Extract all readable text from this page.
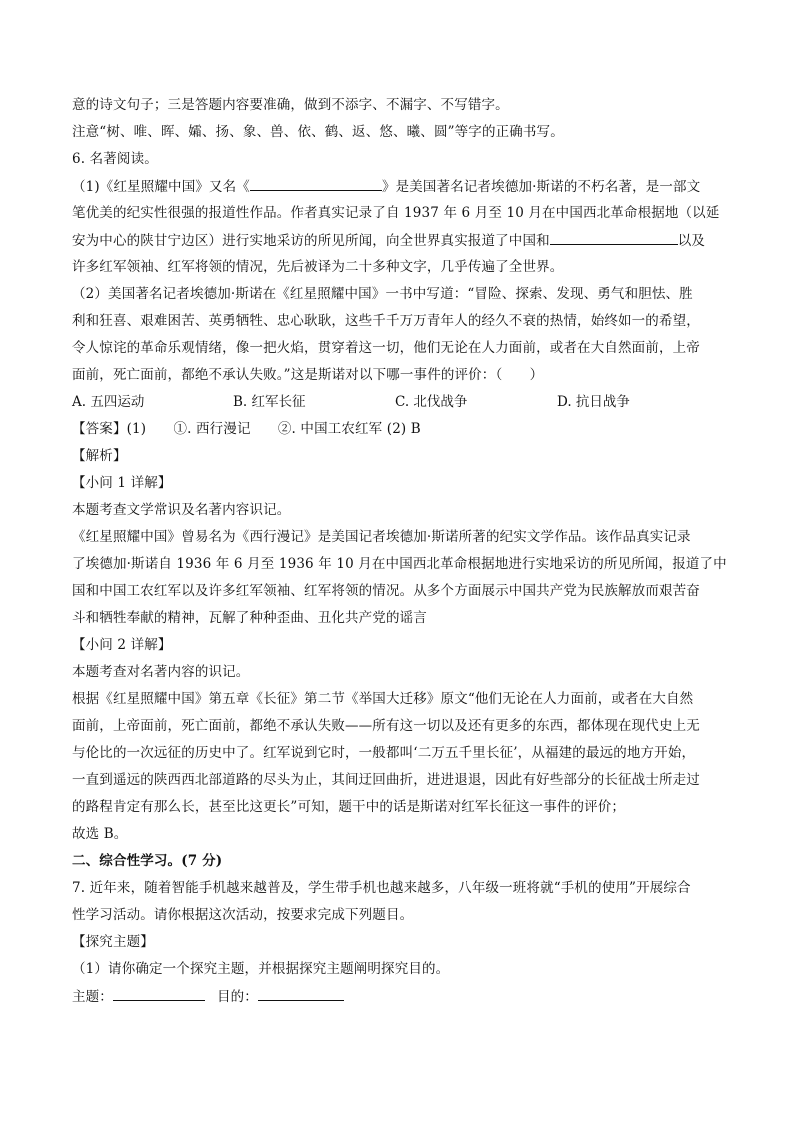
意的诗文句子；三是答题内容要准确，做到不添字、不漏字、不写错字。
注意“树、唯、晖、孀、扬、象、兽、依、鹤、返、悠、曦、圆”等字的正确书写。
6. 名著阅读。
（1)《红星照耀中国》又名《	》是美国著名记者埃德加·斯诺的不朽名著，是一部文
笔优美的纪实性很强的报道性作品。作者真实记录了自 1937 年 6 月至 10 月在中国西北革命根据地（以延
安为中心的陕甘宁边区）进行实地采访的所见所闻，向全世界真实报道了中国和	以及
许多红军领袖、红军将领的情况，先后被译为二十多种文字，几乎传遍了全世界。
（2）美国著名记者埃德加·斯诺在《红星照耀中国》一书中写道：“冒险、探索、发现、勇气和胆怯、胜
利和狂喜、艰难困苦、英勇牺牲、忠心耿耿，这些千千万万青年人的经久不衰的热情，始终如一的希望，
令人惊诧的革命乐观情绪，像一把火焰，贯穿着这一切，他们无论在人力面前，或者在大自然面前，上帝
面前，死亡面前，都绝不承认失败。”这是斯诺对以下哪一事件的评价：（　　）
A. 五四运动	B. 红军长征	C. 北伐战争	D. 抗日战争
【答案】(1)　　①. 西行漫记　　②. 中国工农红军 (2) B
【解析】
【小问 1 详解】
本题考查文学常识及名著内容识记。
《红星照耀中国》曾易名为《西行漫记》是美国记者埃德加·斯诺所著的纪实文学作品。该作品真实记录
了埃德加·斯诺自 1936 年 6 月至 1936 年 10 月在中国西北革命根据地进行实地采访的所见所闻，报道了中
国和中国工农红军以及许多红军领袖、红军将领的情况。从多个方面展示中国共产党为民族解放而艰苦奋
斗和牺牲奉献的精神，瓦解了种种歪曲、丑化共产党的谣言
【小问 2 详解】
本题考查对名著内容的识记。
根据《红星照耀中国》第五章《长征》第二节《举国大迁移》原文“他们无论在人力面前，或者在大自然
面前，上帝面前，死亡面前，都绝不承认失败——所有这一切以及还有更多的东西，都体现在现代史上无
与伦比的一次远征的历史中了。红军说到它时，一般都叫‘二万五千里长征’，从福建的最远的地方开始，
一直到遥远的陕西西北部道路的尽头为止，其间迂回曲折，进进退退，因此有好些部分的长征战士所走过
的路程肯定有那么长，甚至比这更长”可知，题干中的话是斯诺对红军长征这一事件的评价；
故选 B。
二、综合性学习。(7 分)
7. 近年来，随着智能手机越来越普及，学生带手机也越来越多，八年级一班将就“手机的使用”开展综合
性学习活动。请你根据这次活动，按要求完成下列题目。
【探究主题】
（1）请你确定一个探究主题，并根据探究主题阐明探究目的。
主题：	目的：
